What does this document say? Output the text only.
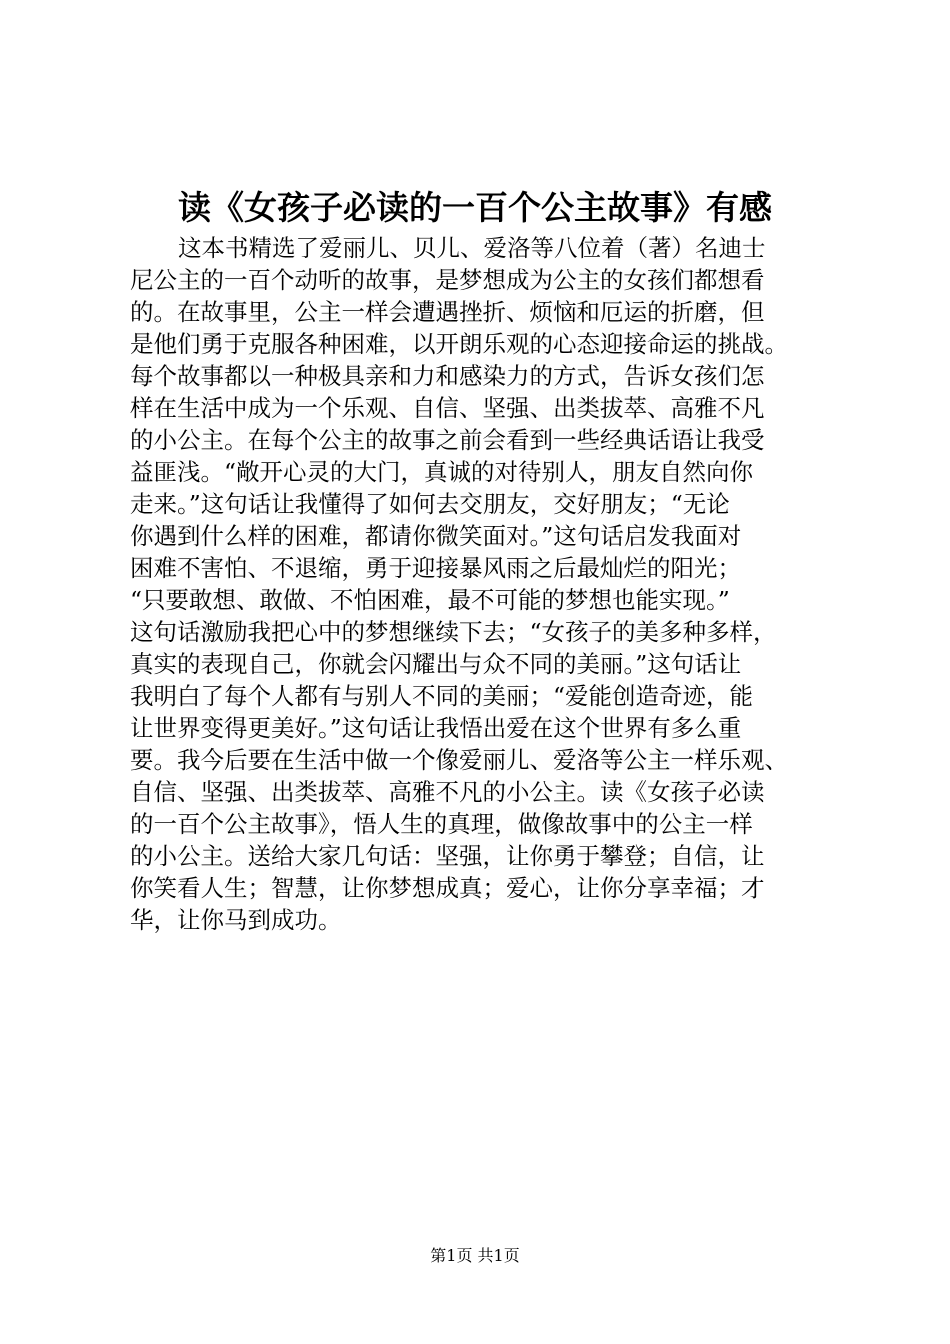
读《女孩子必读的一百个公主故事》有感
这本书精选了爱丽儿、贝儿、爱洛等八位着（著）名迪士
尼公主的一百个动听的故事，是梦想成为公主的女孩们都想看
的。在故事里，公主一样会遭遇挫折、烦恼和厄运的折磨，但
是他们勇于克服各种困难，以开朗乐观的心态迎接命运的挑战。
每个故事都以一种极具亲和力和感染力的方式，告诉女孩们怎
样在生活中成为一个乐观、自信、坚强、出类拔萃、高雅不凡
的小公主。在每个公主的故事之前会看到一些经典话语让我受
益匪浅。“敞开心灵的大门，真诚的对待别人，朋友自然向你
走来。”这句话让我懂得了如何去交朋友，交好朋友；“无论
你遇到什么样的困难，都请你微笑面对。”这句话启发我面对
困难不害怕、不退缩，勇于迎接暴风雨之后最灿烂的阳光；
“只要敢想、敢做、不怕困难，最不可能的梦想也能实现。”
这句话激励我把心中的梦想继续下去；“女孩子的美多种多样，
真实的表现自己，你就会闪耀出与众不同的美丽。”这句话让
我明白了每个人都有与别人不同的美丽；“爱能创造奇迹，能
让世界变得更美好。”这句话让我悟出爱在这个世界有多么重
要。我今后要在生活中做一个像爱丽儿、爱洛等公主一样乐观、
自信、坚强、出类拔萃、高雅不凡的小公主。读《女孩子必读
的一百个公主故事》，悟人生的真理，做像故事中的公主一样
的小公主。送给大家几句话：坚强，让你勇于攀登；自信，让
你笑看人生；智慧，让你梦想成真；爱心，让你分享幸福；才
华，让你马到成功。
第1页 共1页
